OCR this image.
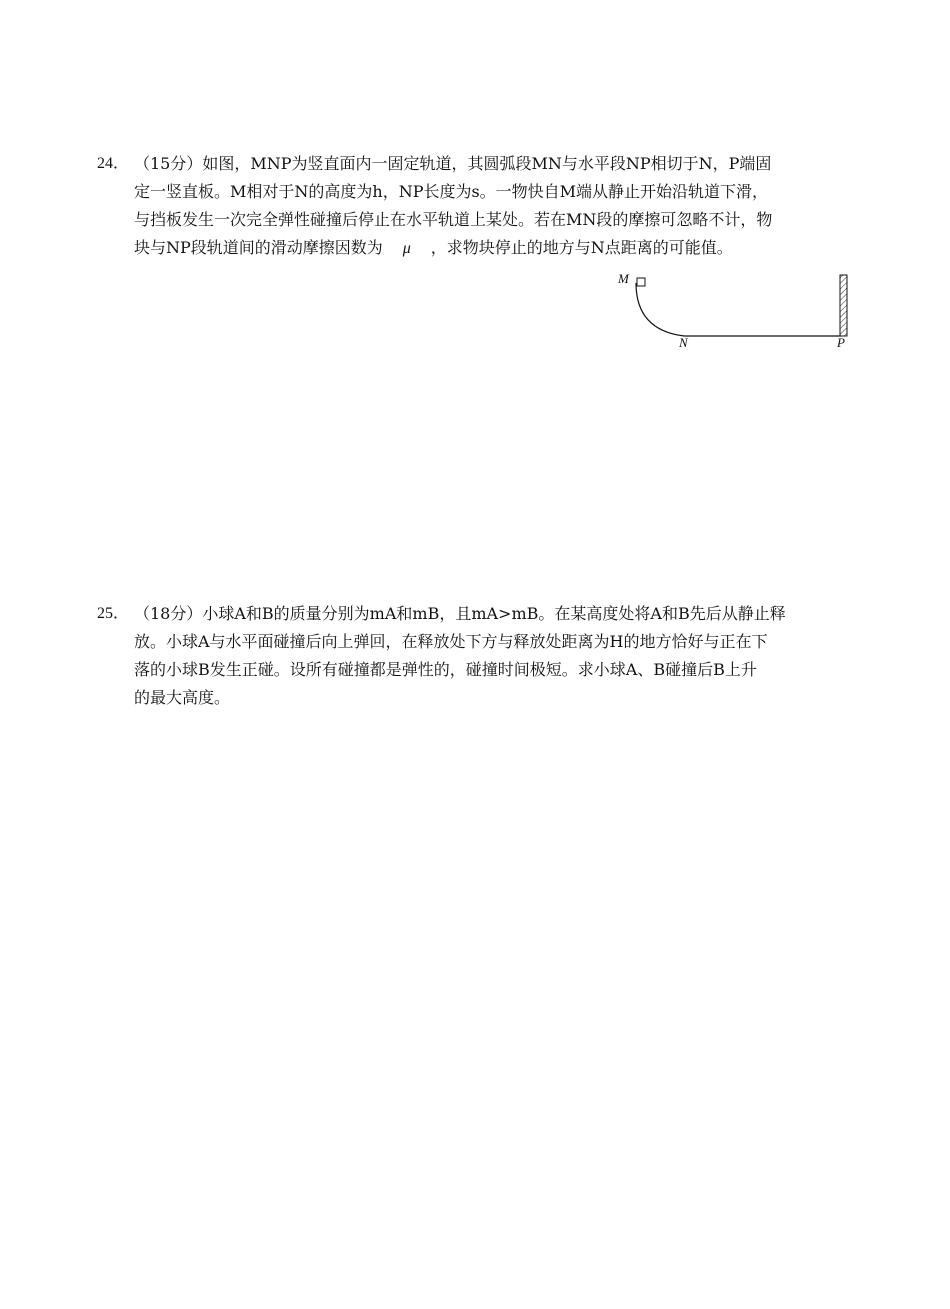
24． （15分）如图，MNP为竖直面内一固定轨道，其圆弧段MN与水平段NP相切于N，P端固
定一竖直板。M相对于N的高度为h，NP长度为s。一物快自M端从静止开始沿轨道下滑，
与挡板发生一次完全弹性碰撞后停止在水平轨道上某处。若在MN段的摩擦可忽略不计，物
块与NP段轨道间的滑动摩擦因数为 μ ，求物块停止的地方与N点距离的可能值。
M
N	P
25． （18分）小球A和B的质量分别为mA和mB，且mA>mB。在某高度处将A和B先后从静止释
放。小球A与水平面碰撞后向上弹回，在释放处下方与释放处距离为H的地方恰好与正在下
落的小球B发生正碰。设所有碰撞都是弹性的，碰撞时间极短。求小球A、B碰撞后B上升
的最大高度。
